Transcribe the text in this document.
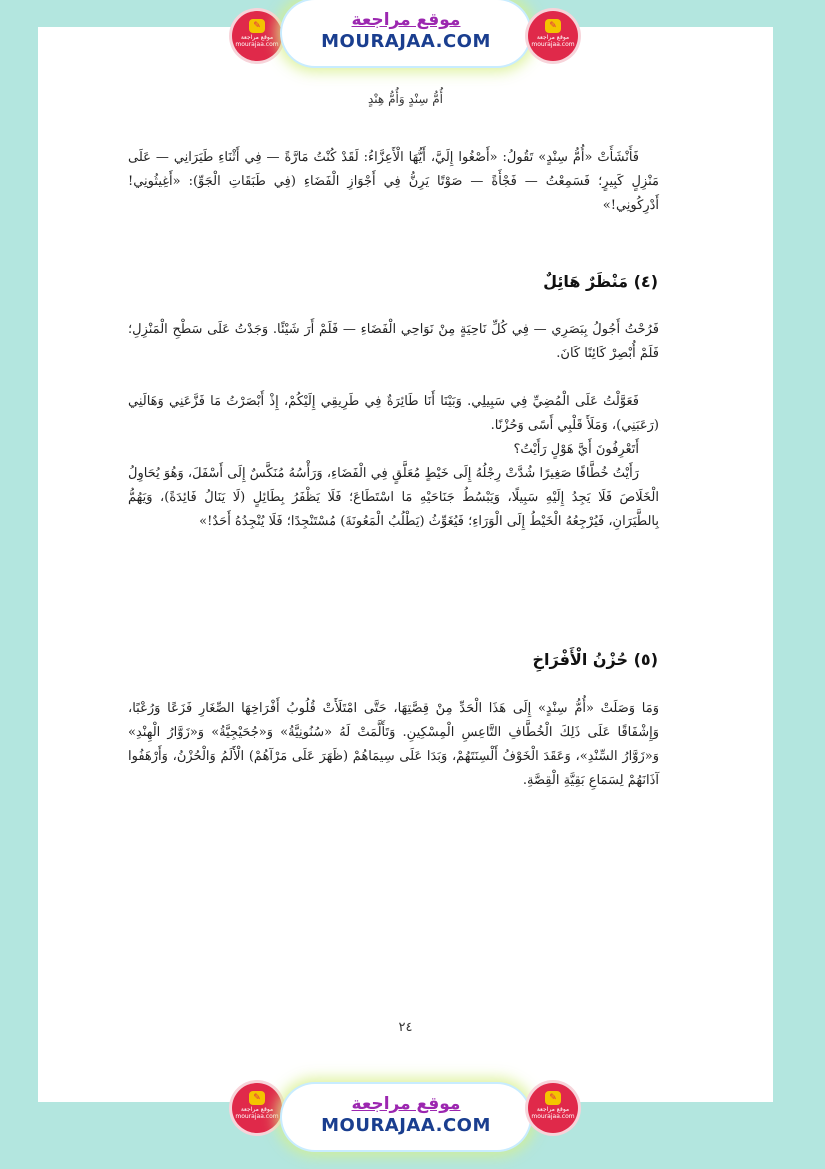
✎
موقع مراجعة
mourajaa.com
موقع مراجعة
MOURAJAA.COM
✎
موقع مراجعة
mourajaa.com
أُمُّ سِنْدٍ وَأُمُّ هِنْدٍ

فَأَنْشَأَتْ «أُمُّ سِنْدٍ» تَقُولُ: «أَصْغُوا إِلَيَّ، أَيُّهَا الْأَعِزَّاءُ: لَقَدْ كُنْتُ مَارَّةً — فِي أَثْنَاءِ طَيَرَانِي — عَلَى مَنْزِلٍ كَبِيرٍ؛ فَسَمِعْتُ — فَجْأَةً — صَوْتًا يَرِنُّ فِي أَجْوَازِ الْفَضَاءِ (فِي طَبَقَاتِ الْجَوِّ): «أَغِيثُونِي! أَدْرِكُونِي!»

(٤) مَنْظَرٌ هَائِلٌ

فَرُحْتُ أَجُولُ بِبَصَرِي — فِي كُلِّ نَاحِيَةٍ مِنْ نَوَاحِي الْفَضَاءِ — فَلَمْ أَرَ شَيْئًا. وَجَدْتُ عَلَى سَطْحِ الْمَنْزِلِ؛ فَلَمْ أُبْصِرْ كَائِنًا كَانَ.

فَعَوَّلْتُ عَلَى الْمُضِيِّ فِي سَبِيلِي. وَبَيْنَا أَنَا طَائِرَةٌ فِي طَرِيقِي إِلَيْكُمْ، إِذْ أَبْصَرْتُ مَا فَزَّعَنِي وَهَالَنِي (رَعَبَنِي)، وَمَلَأَ قَلْبِي أَسًى وَحُزْنًا.

أَتَعْرِفُونَ أَيَّ هَوْلٍ رَأَيْتُ؟

رَأَيْتُ خُطَّافًا صَغِيرًا شُدَّتْ رِجْلُهُ إِلَى خَيْطٍ مُعَلَّقٍ فِي الْفَضَاءِ، وَرَأْسُهُ مُنَكَّسٌ إِلَى أَسْفَلَ، وَهُوَ يُحَاوِلُ الْخَلَاصَ فَلَا يَجِدُ إِلَيْهِ سَبِيلًا، وَيَبْسُطُ جَنَاحَيْهِ مَا اسْتَطَاعَ؛ فَلَا يَظْفَرُ بِطَائِلٍ (لَا يَنَالُ فَائِدَةً)، وَيَهُمُّ بِالطَّيَرَانِ، فَيُرْجِعُهُ الْخَيْطُ إِلَى الْوَرَاءِ؛ فَيُغَوِّثُ (يَطْلُبُ الْمَعُونَةَ) مُسْتَنْجِدًا؛ فَلَا يُنْجِدُهُ أَحَدٌ!»

(٥) حُزْنُ الْأَفْرَاخِ

وَمَا وَصَلَتْ «أُمُّ سِنْدٍ» إِلَى هَذَا الْحَدِّ مِنْ قِصَّتِهَا، حَتَّى امْتَلَأَتْ قُلُوبُ أَفْرَاخِهَا الصِّغَارِ فَزَعًا وَرُعْبًا، وَإِشْفَاقًا عَلَى ذَلِكَ الْخُطَّافِ التَّاعِسِ الْمِسْكِينِ. وَتَأَلَّمَتْ لَهُ «سُنُونِيَّةُ» وَ«جُحَيْجِيَّةُ» وَ«زَوَّارُ الْهِنْدِ» وَ«زَوَّارُ السِّنْدِ»، وَعَقَدَ الْخَوْفُ أَلْسِنَتَهُمْ، وَبَدَا عَلَى سِيمَاهُمْ (ظَهَرَ عَلَى مَرْآهُمْ) الْأَلَمُ وَالْحُزْنُ، وَأَرْهَفُوا آذَانَهُمْ لِسَمَاعِ بَقِيَّةِ الْقِصَّةِ.

٢٤
✎
موقع مراجعة
mourajaa.com
موقع مراجعة
MOURAJAA.COM
✎
موقع مراجعة
mourajaa.com
